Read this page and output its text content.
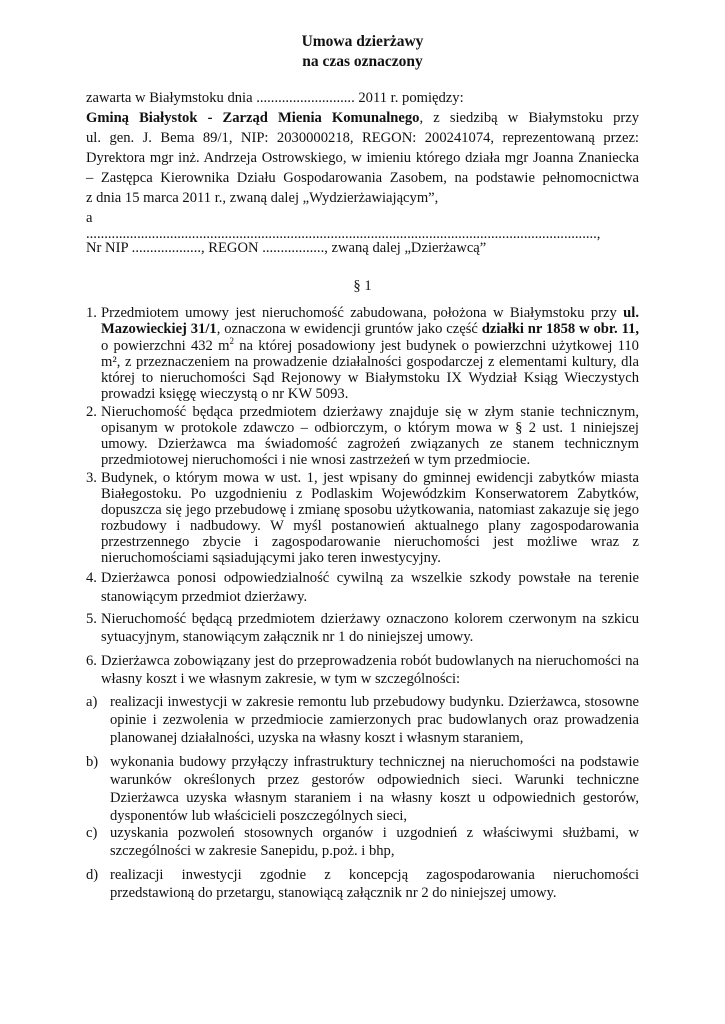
Umowa dzierżawy
na czas oznaczony
zawarta w Białymstoku dnia ........................... 2011 r. pomiędzy:
Gminą Białystok - Zarząd Mienia Komunalnego, z siedzibą w Białymstoku przy
ul. gen. J. Bema 89/1, NIP: 2030000218, REGON: 200241074, reprezentowaną przez:
Dyrektora mgr inż. Andrzeja Ostrowskiego, w imieniu którego działa mgr Joanna Znaniecka
– Zastępca Kierownika Działu Gospodarowania Zasobem, na podstawie pełnomocnictwa
z dnia 15 marca 2011 r., zwaną dalej „Wydzierżawiającym”,
a
............................................................................................................................................,
Nr NIP ..................., REGON ................., zwaną dalej „Dzierżawcą”
§ 1
1. Przedmiotem umowy jest nieruchomość zabudowana, położona w Białymstoku przy ul. Mazowieckiej 31/1, oznaczona w ewidencji gruntów jako część działki nr 1858 w obr. 11, o powierzchni 432 $m^2$ na której posadowiony jest budynek o powierzchni użytkowej 110 m², z przeznaczeniem na prowadzenie działalności gospodarczej z elementami kultury, dla której to nieruchomości Sąd Rejonowy w Białymstoku IX Wydział Ksiąg Wieczystych prowadzi księgę wieczystą o nr KW 5093.
2. Nieruchomość będąca przedmiotem dzierżawy znajduje się w złym stanie technicznym, opisanym w protokole zdawczo – odbiorczym, o którym mowa w § 2 ust. 1 niniejszej umowy. Dzierżawca ma świadomość zagrożeń związanych ze stanem technicznym przedmiotowej nieruchomości i nie wnosi zastrzeżeń w tym przedmiocie.
3. Budynek, o którym mowa w ust. 1, jest wpisany do gminnej ewidencji zabytków miasta Białegostoku. Po uzgodnieniu z Podlaskim Wojewódzkim Konserwatorem Zabytków, dopuszcza się jego przebudowę i zmianę sposobu użytkowania, natomiast zakazuje się jego rozbudowy i nadbudowy. W myśl postanowień aktualnego plany zagospodarowania przestrzennego zbycie i zagospodarowanie nieruchomości jest możliwe wraz z nieruchomościami sąsiadującymi jako teren inwestycyjny.
4. Dzierżawca ponosi odpowiedzialność cywilną za wszelkie szkody powstałe na terenie stanowiącym przedmiot dzierżawy.
5. Nieruchomość będącą przedmiotem dzierżawy oznaczono kolorem czerwonym na szkicu sytuacyjnym, stanowiącym załącznik nr 1 do niniejszej umowy.
6. Dzierżawca zobowiązany jest do przeprowadzenia robót budowlanych na nieruchomości na własny koszt i we własnym zakresie, w tym w szczególności:
a) realizacji inwestycji w zakresie remontu lub przebudowy budynku. Dzierżawca, stosowne opinie i zezwolenia w przedmiocie zamierzonych prac budowlanych oraz prowadzenia planowanej działalności, uzyska na własny koszt i własnym staraniem,
b) wykonania budowy przyłączy infrastruktury technicznej na nieruchomości na podstawie warunków określonych przez gestorów odpowiednich sieci. Warunki techniczne Dzierżawca uzyska własnym staraniem i na własny koszt u odpowiednich gestorów, dysponentów lub właścicieli poszczególnych sieci,
c) uzyskania pozwoleń stosownych organów i uzgodnień z właściwymi służbami, w szczególności w zakresie Sanepidu, p.poż. i bhp,
d) realizacji inwestycji zgodnie z koncepcją zagospodarowania nieruchomości przedstawioną do przetargu, stanowiącą załącznik nr 2 do niniejszej umowy.
